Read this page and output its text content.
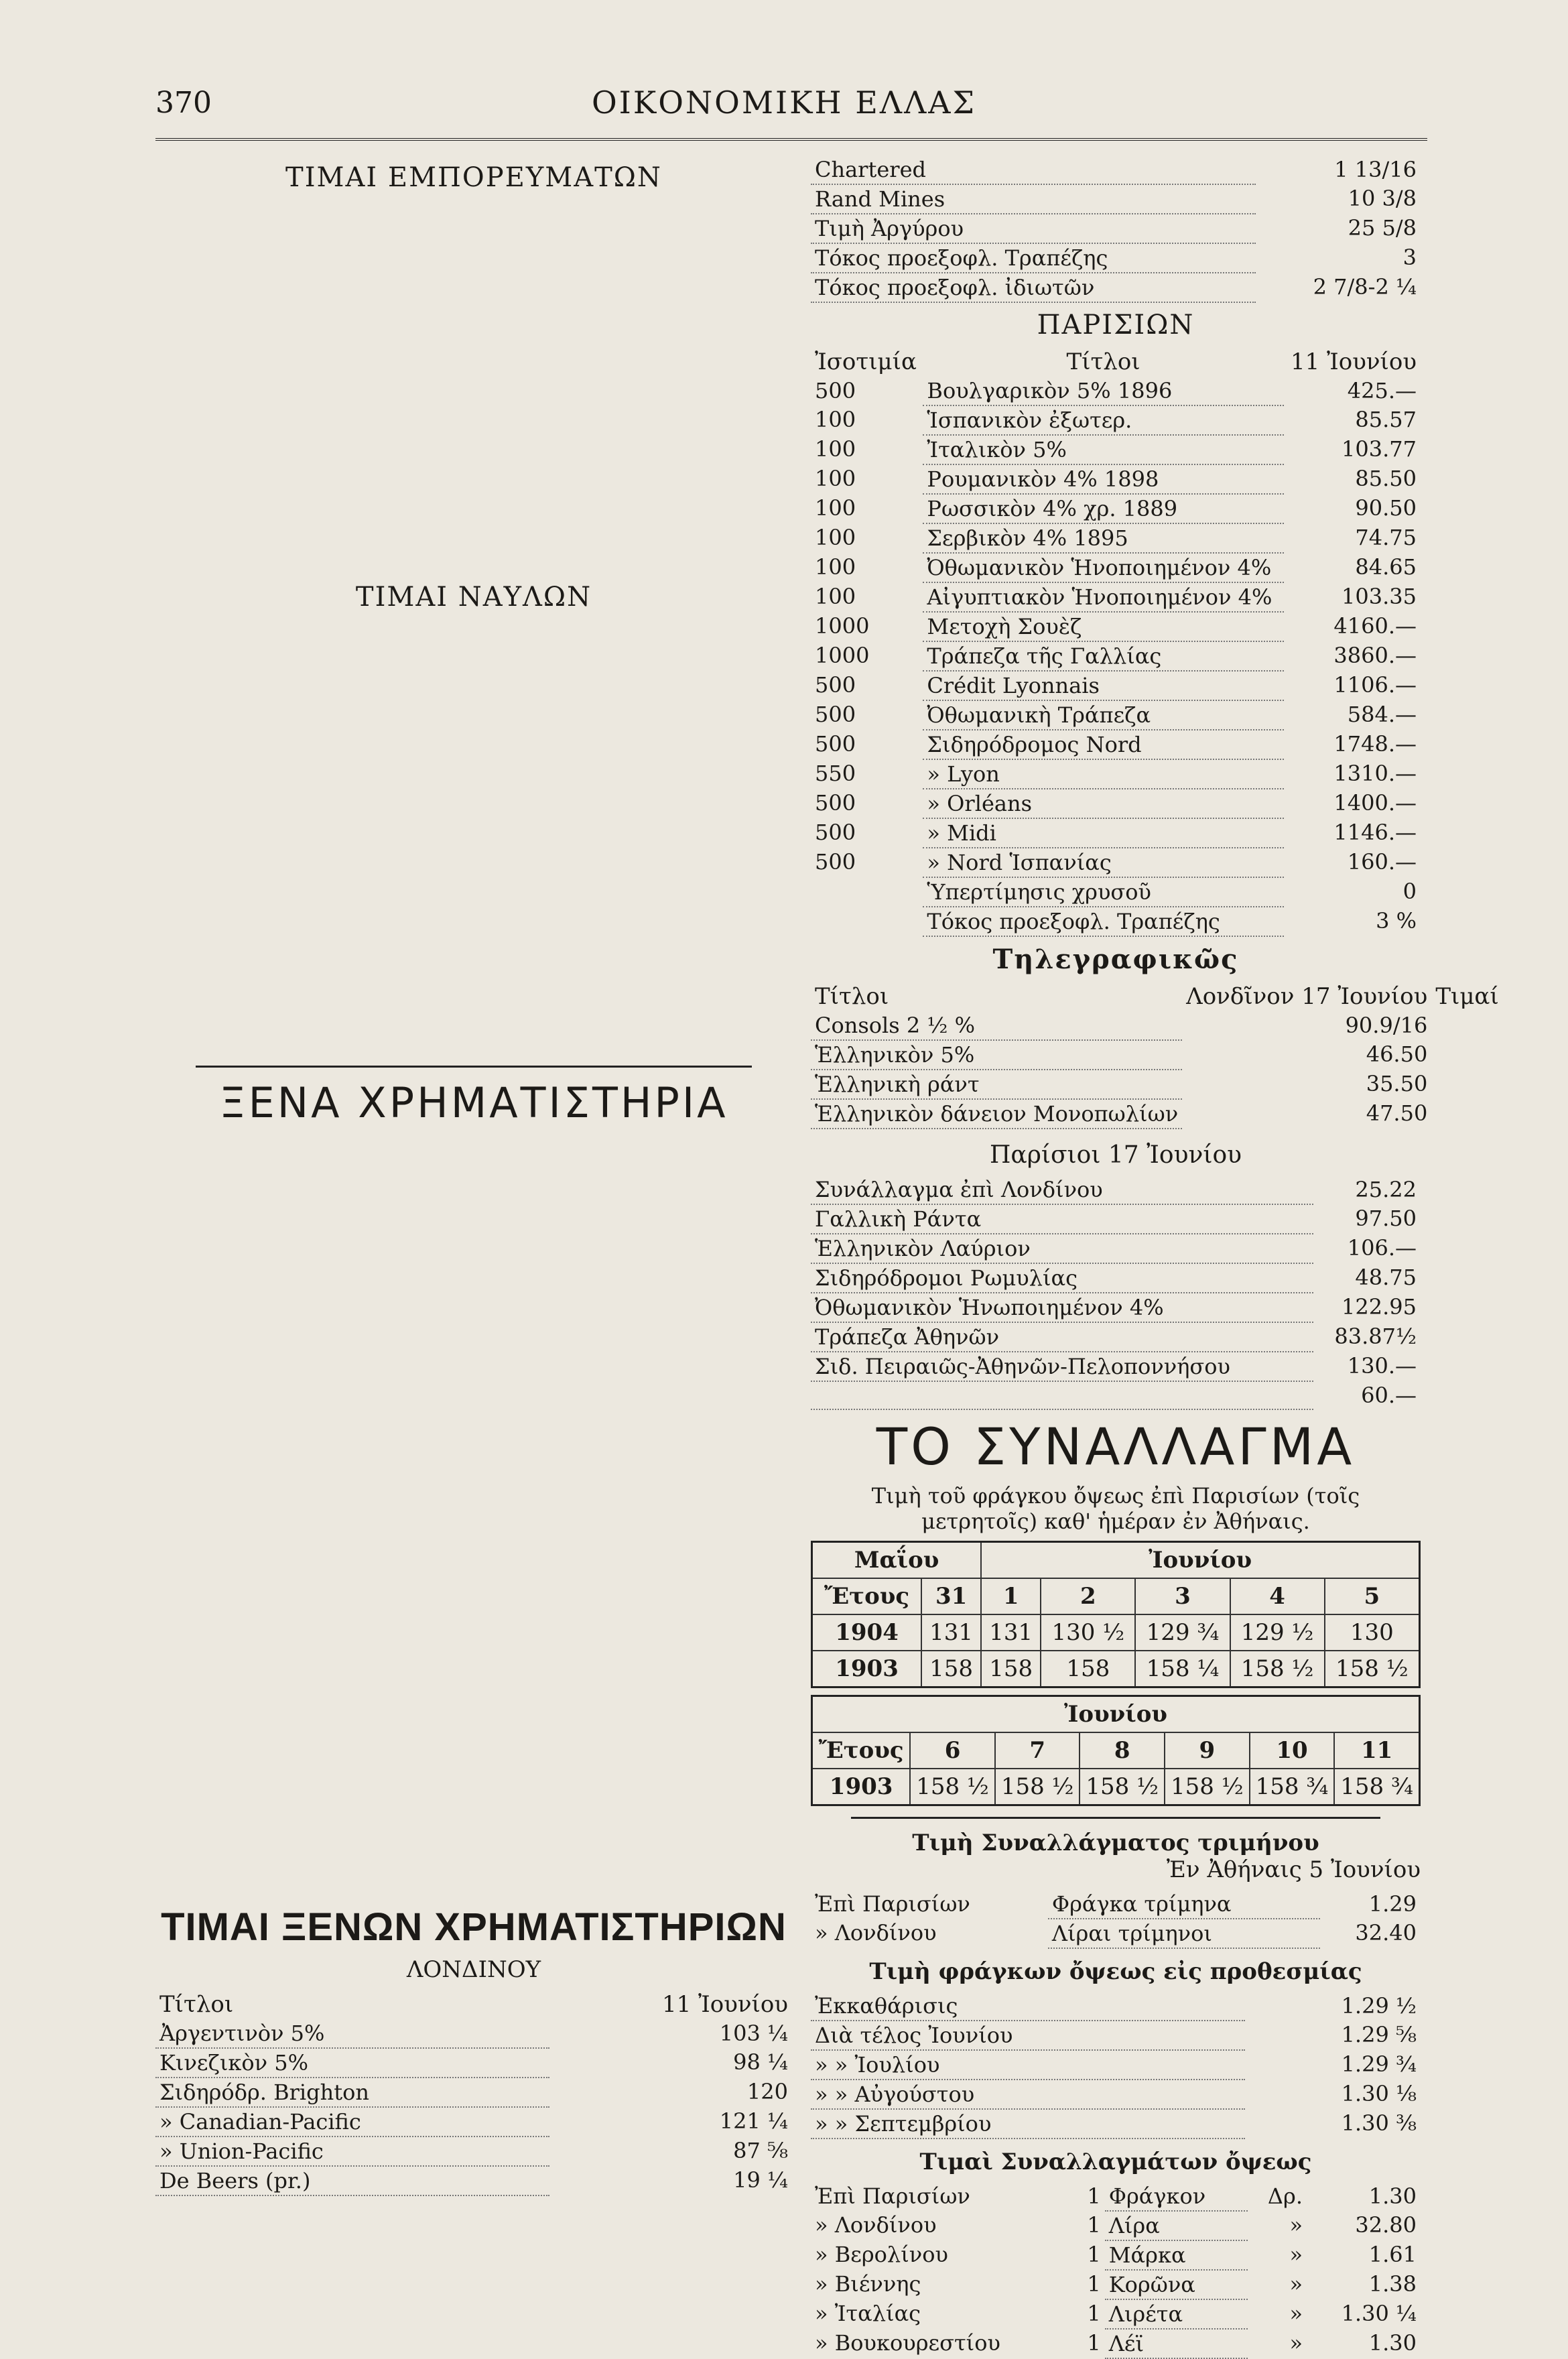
370	ΟΙΚΟΝΟΜΙΚΗ ΕΛΛΑΣ
ΤΙΜΑΙ ΕΜΠΟΡΕΥΜΑΤΩΝ
ΤΙΜΑΙ ΝΑΥΛΩΝ
ΞΕΝΑ ΧΡΗΜΑΤΙΣΤΗΡΙΑ
ΤΙΜΑΙ ΞΕΝΩΝ ΧΡΗΜΑΤΙΣΤΗΡΙΩΝ
ΛΟΝΔΙΝΟΥ
Τίτλοι	11 Ἰουνίου
Ἀργεντινὸν 5%	103 ¼
Κινεζικὸν 5%	98 ¼
Σιδηρόδρ. Brighton	120
» Canadian-Pacific	121 ¼
» Union-Pacific	87 ⅝
De Beers (pr.)	19 ¼
Chartered	1 13/16
Rand Mines	10 3/8
Τιμὴ Ἀργύρου	25 5/8
Τόκος προεξοφλ. Τραπέζης	3
Τόκος προεξοφλ. ἰδιωτῶν	2 7/8-2 ¼
ΠΑΡΙΣΙΩΝ
Ἰσοτιμία	Τίτλοι	11 Ἰουνίου
500	Βουλγαρικὸν 5% 1896	425.—
100	Ἱσπανικὸν ἐξωτερ.	85.57
100	Ἰταλικὸν 5%	103.77
100	Ρουμανικὸν 4% 1898	85.50
100	Ρωσσικὸν 4% χρ. 1889	90.50
100	Σερβικὸν 4% 1895	74.75
100	Ὀθωμανικὸν Ἡνοποιημένον 4%	84.65
100	Αἰγυπτιακὸν Ἡνοποιημένον 4%	103.35
1000	Μετοχὴ Σουὲζ	4160.—
1000	Τράπεζα τῆς Γαλλίας	3860.—
500	Crédit Lyonnais	1106.—
500	Ὀθωμανικὴ Τράπεζα	584.—
500	Σιδηρόδρομος Nord	1748.—
550	» Lyon	1310.—
500	» Orléans	1400.—
500	» Midi	1146.—
500	» Nord Ἱσπανίας	160.—
	Ὑπερτίμησις χρυσοῦ	0
	Τόκος προεξοφλ. Τραπέζης	3 %
Τηλεγραφικῶς
Τίτλοι	Λονδῖνον 17 Ἰουνίου	Τιμαί
Consols 2 ½ %	90.9/16	
Ἑλληνικὸν 5%	46.50	
Ἑλληνικὴ ράντ	35.50	
Ἑλληνικὸν δάνειον Μονοπωλίων	47.50	
Παρίσιοι 17 Ἰουνίου
Συνάλλαγμα ἐπὶ Λονδίνου	25.22
Γαλλικὴ Ράντα	97.50
Ἑλληνικὸν Λαύριον	106.—
Σιδηρόδρομοι Ρωμυλίας	48.75
Ὀθωμανικὸν Ἡνωποιημένον 4%	122.95
Τράπεζα Ἀθηνῶν	83.87½
Σιδ. Πειραιῶς-Ἀθηνῶν-Πελοποννήσου	130.—
	60.—
ΤΟ ΣΥΝΑΛΛΑΓΜΑ
Τιμὴ τοῦ φράγκου ὄψεως ἐπὶ Παρισίων (τοῖς μετρητοῖς) καθ' ἡμέραν ἐν Ἀθήναις.
Μαΐου		Ἰουνίου				
Ἔτους	31	1	2	3	4	5
1904	131	131	130 ½	129 ¾	129 ½	130
1903	158	158	158	158 ¼	158 ½	158 ½
Ἰουνίου						
Ἔτους	6	7	8	9	10	11
1903	158 ½	158 ½	158 ½	158 ½	158 ¾	158 ¾
Τιμὴ Συναλλάγματος τριμήνου
Ἐν Ἀθήναις 5 Ἰουνίου
Ἐπὶ Παρισίων	Φράγκα τρίμηνα	1.29
» Λονδίνου	Λίραι τρίμηνοι	32.40
Τιμὴ φράγκων ὄψεως εἰς προθεσμίας
Ἐκκαθάρισις	1.29 ½
Διὰ τέλος Ἰουνίου	1.29 ⅝
» » Ἰουλίου	1.29 ¾
» » Αὐγούστου	1.30 ⅛
» » Σεπτεμβρίου	1.30 ⅜
Τιμαὶ Συναλλαγμάτων ὄψεως
Ἐπὶ Παρισίων	1	Φράγκον	Δρ.	1.30
» Λονδίνου	1	Λίρα	»	32.80
» Βερολίνου	1	Μάρκα	»	1.61
» Βιέννης	1	Κορῶνα	»	1.38
» Ἰταλίας	1	Λιρέτα	»	1.30 ¼
» Βουκουρεστίου	1	Λέϊ	»	1.30
